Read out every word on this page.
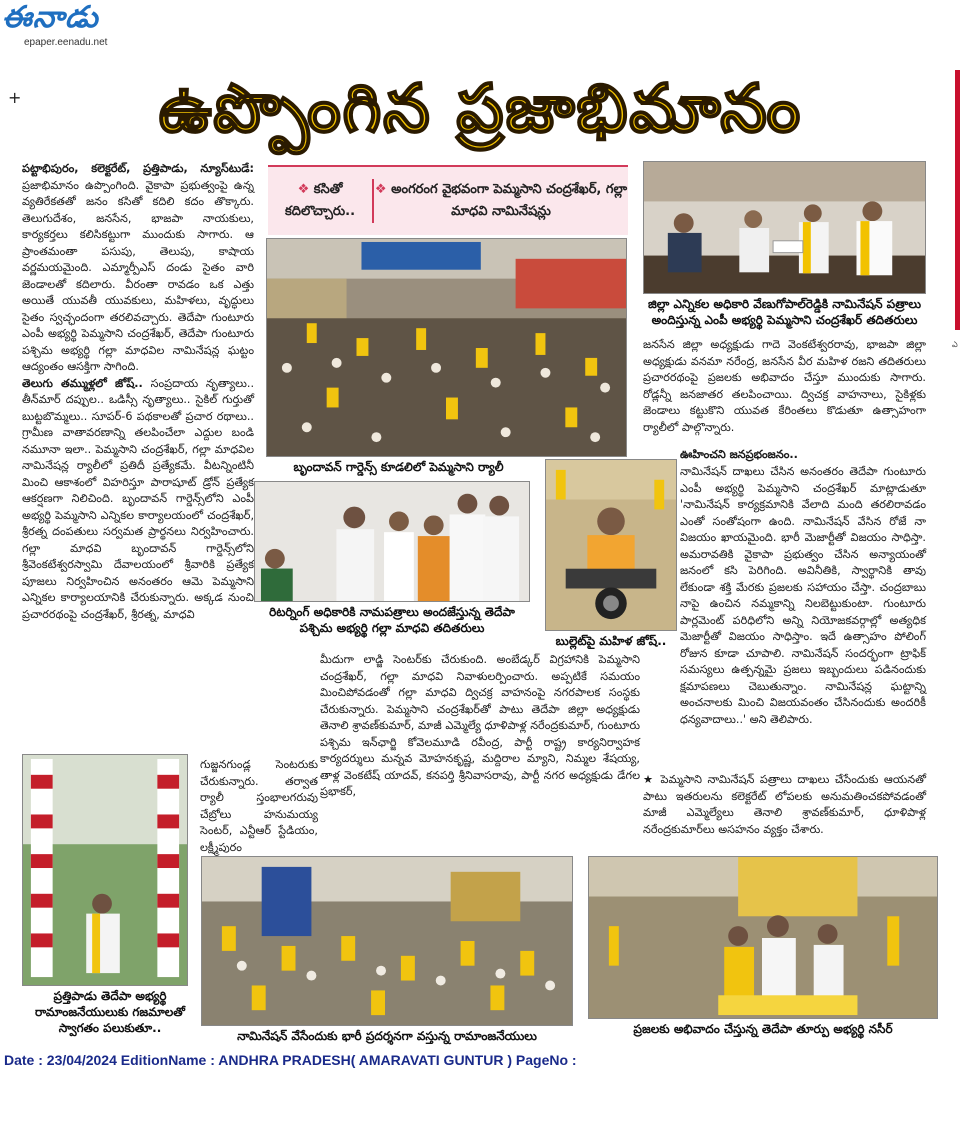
ఈనాడు
epaper.eenadu.net
+	ఉప్పొంగిన ప్రజాభిమానం
ఎ

పట్టాభిపురం, కలెక్టరేట్, ప్రత్తిపాడు, న్యూస్‌టుడే: ప్రజాభిమానం ఉప్పొంగింది. వైకాపా ప్రభుత్వంపై ఉన్న వ్యతిరేకతతో జనం కసితో కదిలి కదం తొక్కారు. తెలుగుదేశం, జనసేన, భాజపా నాయకులు, కార్యకర్తలు కలిసికట్టుగా ముందుకు సాగారు. ఆ ప్రాంతమంతా పసుపు, తెలుపు, కాషాయ వర్ణమయమైంది. ఎమ్మార్పీఎస్ దండు సైతం వారి జెండాలతో కదిలారు. వీరంతా రావడం ఒక ఎత్తు అయితే యువతీ యువకులు, మహిళలు, వృద్ధులు సైతం స్వచ్ఛందంగా తరలివచ్చారు. తెదేపా గుంటూరు ఎంపీ అభ్యర్థి పెమ్మసాని చంద్రశేఖర్, తెదేపా గుంటూరు పశ్చిమ అభ్యర్థి గల్లా మాధవిల నామినేషన్ల ఘట్టం ఆద్యంతం ఆసక్తిగా సాగింది.

తెలుగు తమ్ముళ్లలో జోష్‌.. సంప్రదాయ నృత్యాలు.. తీన్‌మార్ దప్పుల.. ఒడిస్సీ నృత్యాలు.. సైకిల్ గుర్తుతో బుట్టబొమ్మలు.. సూపర్-6 పథకాలతో ప్రచార రథాలు.. గ్రామీణ వాతావరణాన్ని తలపించేలా ఎద్దుల బండి నమూనా ఇలా.. పెమ్మసాని చంద్రశేఖర్, గల్లా మాధవిల నామినేషన్ల ర్యాలీలో ప్రతిదీ ప్రత్యేకమే. వీటన్నింటినీ మించి ఆకాశంలో విహరిస్తూ పారాషూట్ డ్రోన్ ప్రత్యేక ఆకర్షణగా నిలిచింది. బృందావన్ గార్డెన్స్‌లోని ఎంపీ అభ్యర్థి పెమ్మసాని ఎన్నికల కార్యాలయంలో చంద్రశేఖర్, శ్రీరత్న దంపతులు సర్వమత ప్రార్థనలు నిర్వహించారు. గల్లా మాధవి బృందావన్ గార్డెన్స్‌లోని శ్రీవెంకటేశ్వరస్వామి దేవాలయంలో శ్రీవారికి ప్రత్యేక పూజలు నిర్వహించిన అనంతరం ఆమె పెమ్మసాని ఎన్నికల కార్యాలయానికి చేరుకున్నారు. అక్కడ నుంచి ప్రచారరథంపై చంద్రశేఖర్, శ్రీరత్న, మాధవి

గుజ్జనగుండ్ల సెంటరుకు చేరుకున్నారు. తర్వాత ర్యాలీ స్తంభాలగరువు చేబ్రోలు హనుమయ్య సెంటర్, ఎన్టీఆర్ స్టేడియం, లక్ష్మీపురం

❖ కసితో కదిలొచ్చారు..
❖ అంగరంగ వైభవంగా పెమ్మసాని చంద్రశేఖర్, గల్లా మాధవి నామినేషన్లు
జిల్లా ఎన్నికల అధికారి వేణుగోపాల్‌రెడ్డికి నామినేషన్ పత్రాలు అందిస్తున్న ఎంపీ అభ్యర్థి పెమ్మసాని చంద్రశేఖర్ తదితరులు
బృందావన్ గార్డెన్స్ కూడలిలో పెమ్మసాని ర్యాలీ
రిటర్నింగ్ అధికారికి నామపత్రాలు అందజేస్తున్న తెదేపా పశ్చిమ అభ్యర్థి గల్లా మాధవి తదితరులు
బుల్లెట్‌పై మహిళ జోష్‌..

మీదుగా లాడ్జి సెంటర్‌కు చేరుకుంది. అంబేడ్కర్ విగ్రహానికి పెమ్మసాని చంద్రశేఖర్, గల్లా మాధవి నివాళులర్పించారు. అప్పటికే సమయం మించిపోవడంతో గల్లా మాధవి ద్విచక్ర వాహనంపై నగరపాలక సంస్థకు చేరుకున్నారు. పెమ్మసాని చంద్రశేఖర్‌తో పాటు తెదేపా జిల్లా అధ్యక్షుడు తెనాలి శ్రావణ్‌కుమార్, మాజీ ఎమ్మెల్యే ధూళిపాళ్ల నరేంద్రకుమార్, గుంటూరు పశ్చిమ ఇన్‌ఛార్జి కోవెలమూడి రవీంద్ర, పార్టీ రాష్ట్ర కార్యనిర్వాహక కార్యదర్శులు మన్నవ మోహనకృష్ణ, మద్దిరాల మ్యాని, నిమ్మల శేషయ్య, తాళ్ల వెంకటేష్ యాదవ్, కనపర్తి శ్రీనివాసరావు, పార్టీ నగర అధ్యక్షుడు డేగల ప్రభాకర్,

జనసేన జిల్లా అధ్యక్షుడు గాదె వెంకటేశ్వరరావు, భాజపా జిల్లా అధ్యక్షుడు వనమా నరేంద్ర, జనసేన వీర మహిళ రజని తదితరులు ప్రచారరథంపై ప్రజలకు అభివాదం చేస్తూ ముందుకు సాగారు. రోడ్లన్నీ జనజాతర తలపించాయి. ద్విచక్ర వాహనాలు, సైకిళ్లకు జెండాలు కట్టుకొని యువత కేరింతలు కొడుతూ ఉత్సాహంగా ర్యాలీలో పాల్గొన్నారు.

ఊహించని జనప్రభంజనం..

నామినేషన్ దాఖలు చేసిన అనంతరం తెదేపా గుంటూరు ఎంపీ అభ్యర్థి పెమ్మసాని చంద్రశేఖర్ మాట్లాడుతూ 'నామినేషన్ కార్యక్రమానికి వేలాది మంది తరలిరావడం ఎంతో సంతోషంగా ఉంది. నామినేషన్ వేసిన రోజే నా విజయం ఖాయమైంది. భారీ మెజార్టీతో విజయం సాధిస్తా. అమరావతికి వైకాపా ప్రభుత్వం చేసిన అన్యాయంతో జనంలో కసి పెరిగింది. అవినీతికి, స్వార్థానికి తావు లేకుండా శక్తి మేరకు ప్రజలకు సహాయం చేస్తా. చంద్రబాబు నాపై ఉంచిన నమ్మకాన్ని నిలబెట్టుకుంటా. గుంటూరు పార్లమెంట్ పరిధిలోని అన్ని నియోజకవర్గాల్లో అత్యధిక మెజార్టీతో విజయం సాధిస్తాం. ఇదే ఉత్సాహం పోలింగ్ రోజున కూడా చూపాలి. నామినేషన్ సందర్భంగా ట్రాఫిక్ సమస్యలు ఉత్పన్నమై ప్రజలు ఇబ్బందులు పడినందుకు క్షమాపణలు చెబుతున్నాం. నామినేషన్ల ఘట్టాన్ని అంచనాలకు మించి విజయవంతం చేసినందుకు అందరికీ ధన్యవాదాలు..' అని తెలిపారు.

★ పెమ్మసాని నామినేషన్ పత్రాలు దాఖలు చేసేందుకు ఆయనతో పాటు ఇతరులను కలెక్టరేట్ లోపలకు అనుమతించకపోవడంతో మాజీ ఎమ్మెల్యేలు తెనాలి శ్రావణ్‌కుమార్, ధూళిపాళ్ల నరేంద్రకుమార్‌లు అసహనం వ్యక్తం చేశారు.

ప్రత్తిపాడు తెదేపా అభ్యర్థి రామాంజనేయులుకు గజమాలతో స్వాగతం పలుకుతూ..
నామినేషన్ వేసేందుకు భారీ ప్రదర్శనగా వస్తున్న రామాంజనేయులు	ప్రజలకు అభివాదం చేస్తున్న తెదేపా తూర్పు అభ్యర్థి నసీర్
Date : 23/04/2024 EditionName : ANDHRA PRADESH( AMARAVATI GUNTUR ) PageNo :
